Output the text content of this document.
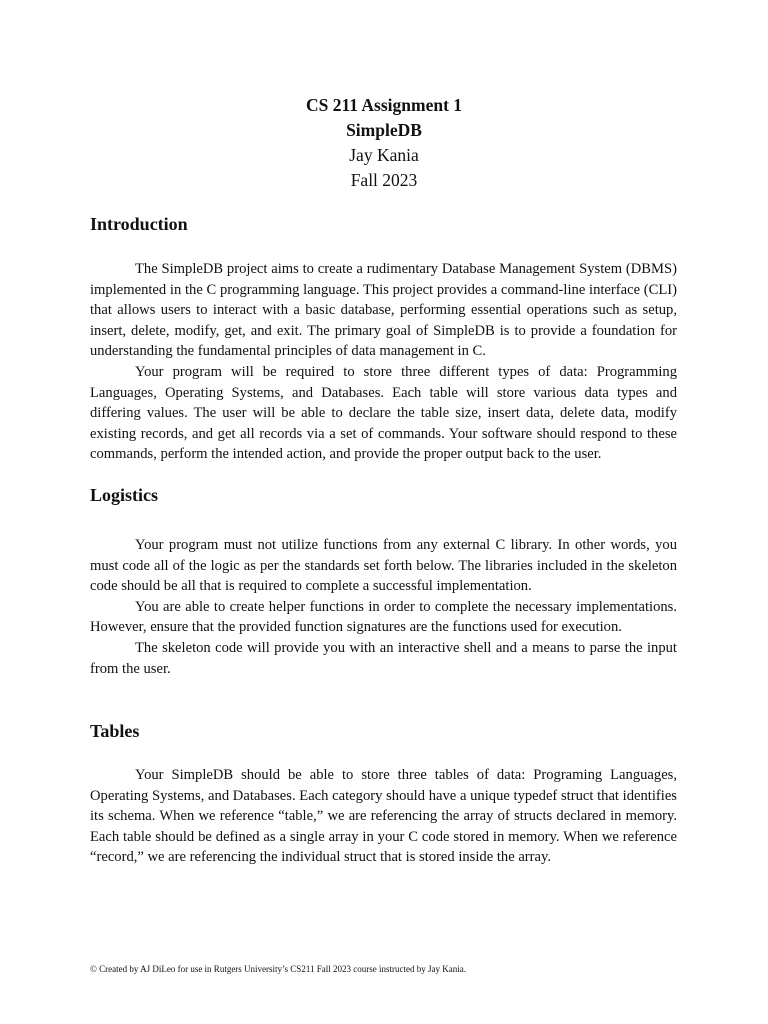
CS 211 Assignment 1
SimpleDB
Jay Kania
Fall 2023
Introduction

The SimpleDB project aims to create a rudimentary Database Management System (DBMS) implemented in the C programming language. This project provides a command-line interface (CLI) that allows users to interact with a basic database, performing essential operations such as setup, insert, delete, modify, get, and exit. The primary goal of SimpleDB is to provide a foundation for understanding the fundamental principles of data management in C.

Your program will be required to store three different types of data: Programming Languages, Operating Systems, and Databases. Each table will store various data types and differing values. The user will be able to declare the table size, insert data, delete data, modify existing records, and get all records via a set of commands. Your software should respond to these commands, perform the intended action, and provide the proper output back to the user.

Logistics

Your program must not utilize functions from any external C library. In other words, you must code all of the logic as per the standards set forth below. The libraries included in the skeleton code should be all that is required to complete a successful implementation.

You are able to create helper functions in order to complete the necessary implementations. However, ensure that the provided function signatures are the functions used for execution.

The skeleton code will provide you with an interactive shell and a means to parse the input from the user.

Tables

Your SimpleDB should be able to store three tables of data: Programing Languages, Operating Systems, and Databases. Each category should have a unique typedef struct that identifies its schema. When we reference “table,” we are referencing the array of structs declared in memory. Each table should be defined as a single array in your C code stored in memory. When we reference “record,” we are referencing the individual struct that is stored inside the array.

© Created by AJ DiLeo for use in Rutgers University’s CS211 Fall 2023 course instructed by Jay Kania.
